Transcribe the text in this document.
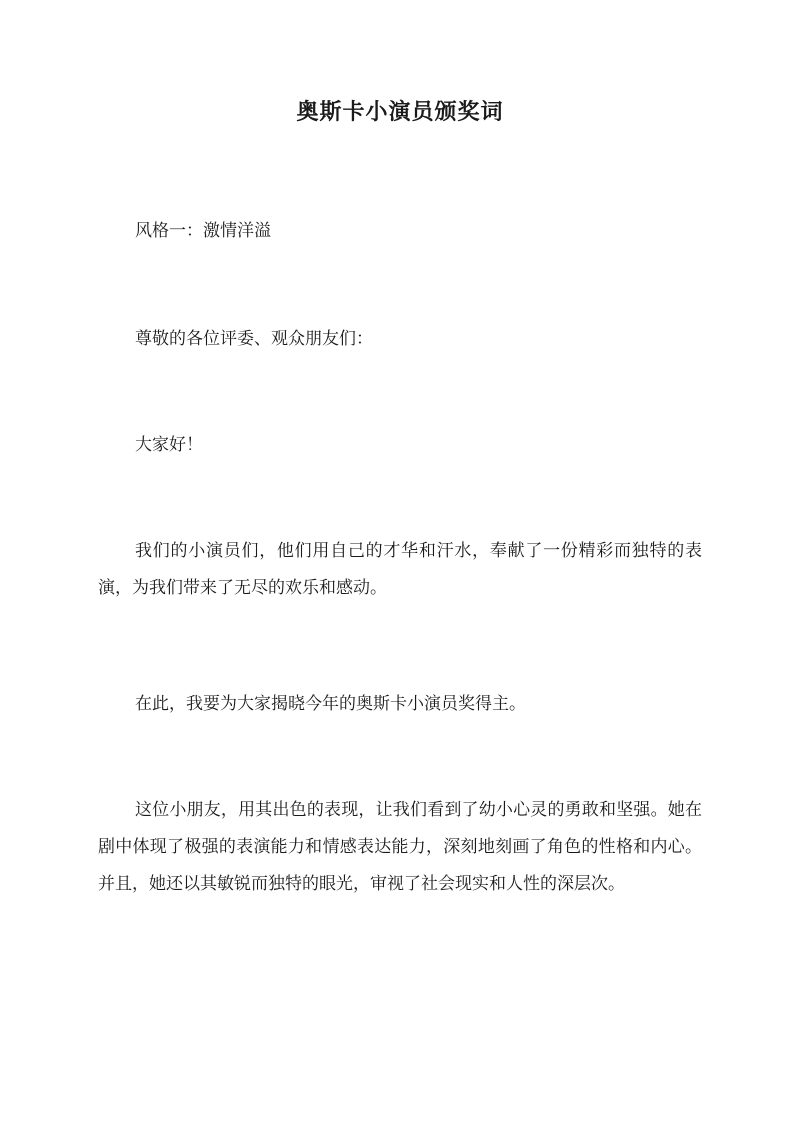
奥斯卡小演员颁奖词

风格一：激情洋溢

尊敬的各位评委、观众朋友们：

大家好！

我们的小演员们，他们用自己的才华和汗水，奉献了一份精彩而独特的表演，为我们带来了无尽的欢乐和感动。

在此，我要为大家揭晓今年的奥斯卡小演员奖得主。

这位小朋友，用其出色的表现，让我们看到了幼小心灵的勇敢和坚强。她在剧中体现了极强的表演能力和情感表达能力，深刻地刻画了角色的性格和内心。并且，她还以其敏锐而独特的眼光，审视了社会现实和人性的深层次。
